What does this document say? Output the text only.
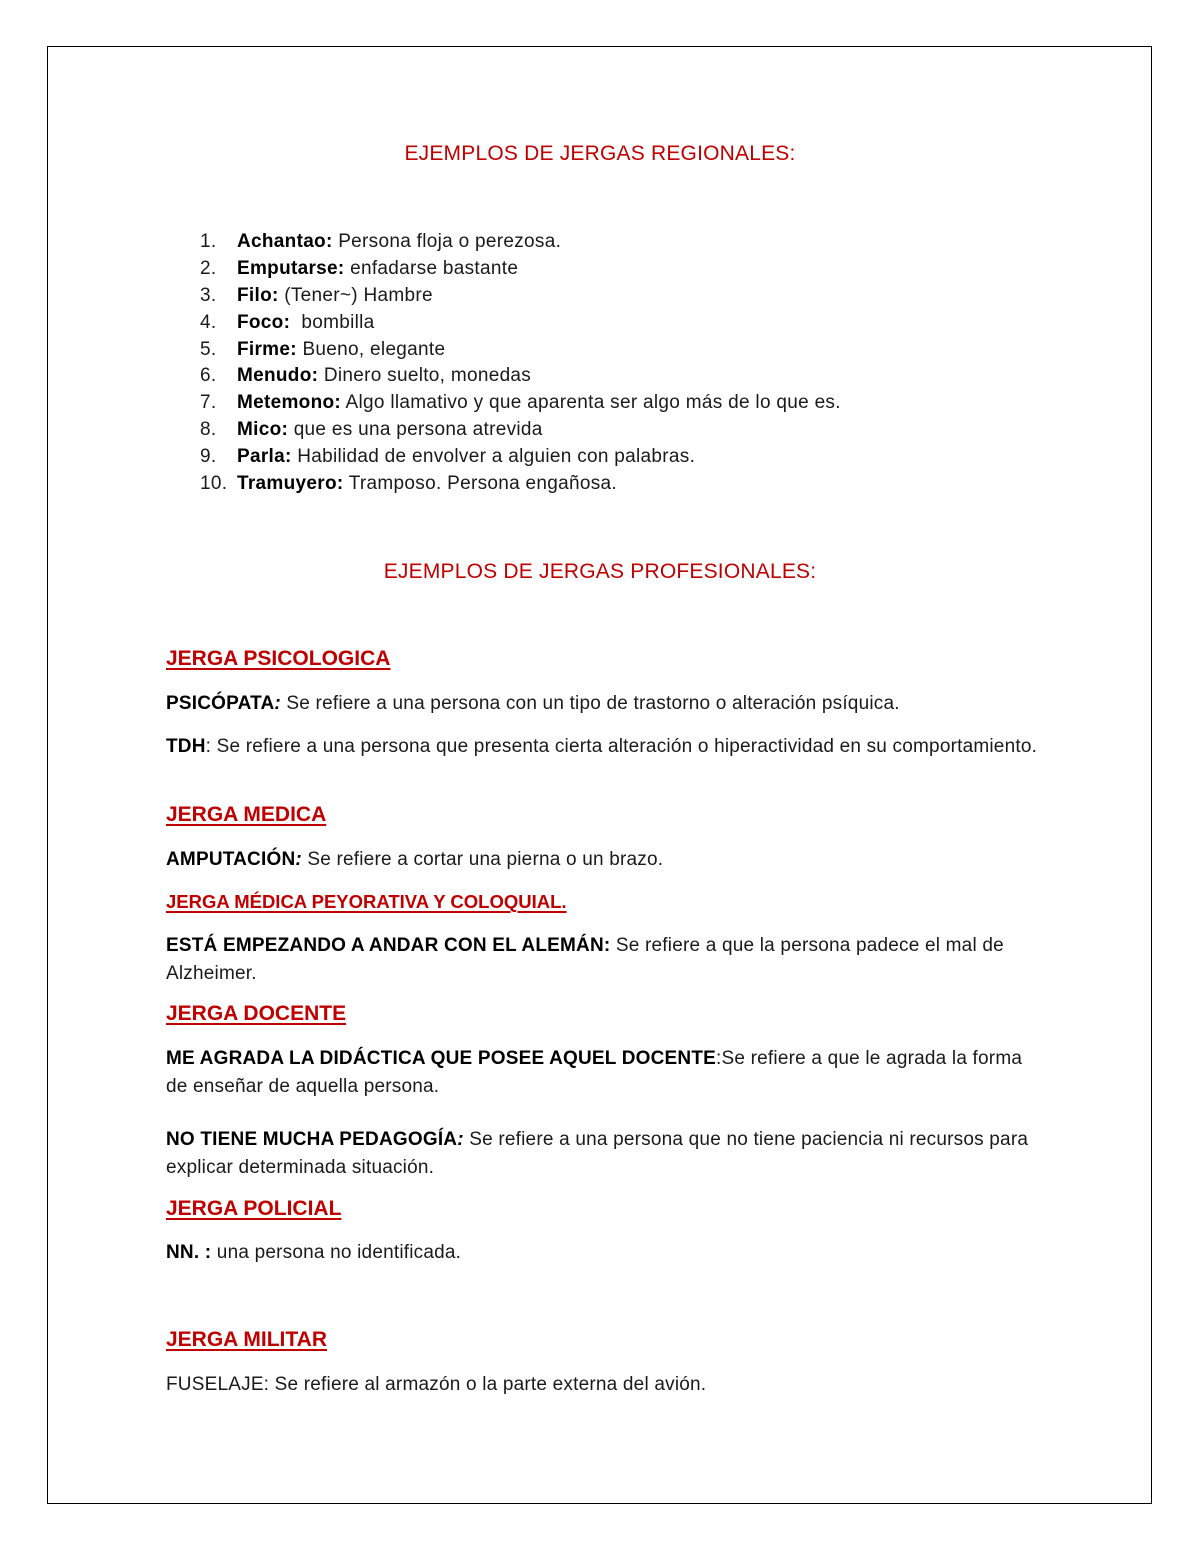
EJEMPLOS DE JERGAS REGIONALES:
1. Achantao: Persona floja o perezosa.
2. Emputarse: enfadarse bastante
3. Filo: (Tener~) Hambre
4. Foco:  bombilla
5. Firme: Bueno, elegante
6. Menudo: Dinero suelto, monedas
7. Metemono: Algo llamativo y que aparenta ser algo más de lo que es.
8. Mico: que es una persona atrevida
9. Parla: Habilidad de envolver a alguien con palabras.
10. Tramuyero: Tramposo. Persona engañosa.
EJEMPLOS DE JERGAS PROFESIONALES:
JERGA PSICOLOGICA

PSICÓPATA: Se refiere a una persona con un tipo de trastorno o alteración psíquica.

TDH: Se refiere a una persona que presenta cierta alteración o hiperactividad en su comportamiento.

JERGA MEDICA

AMPUTACIÓN: Se refiere a cortar una pierna o un brazo.

JERGA MÉDICA PEYORATIVA Y COLOQUIAL.

ESTÁ EMPEZANDO A ANDAR CON EL ALEMÁN: Se refiere a que la persona padece el mal de Alzheimer.

JERGA DOCENTE

ME AGRADA LA DIDÁCTICA QUE POSEE AQUEL DOCENTE:Se refiere a que le agrada la forma de enseñar de aquella persona.

NO TIENE MUCHA PEDAGOGÍA: Se refiere a una persona que no tiene paciencia ni recursos para explicar determinada situación.

JERGA POLICIAL

NN. : una persona no identificada.

JERGA MILITAR

FUSELAJE: Se refiere al armazón o la parte externa del avión.
